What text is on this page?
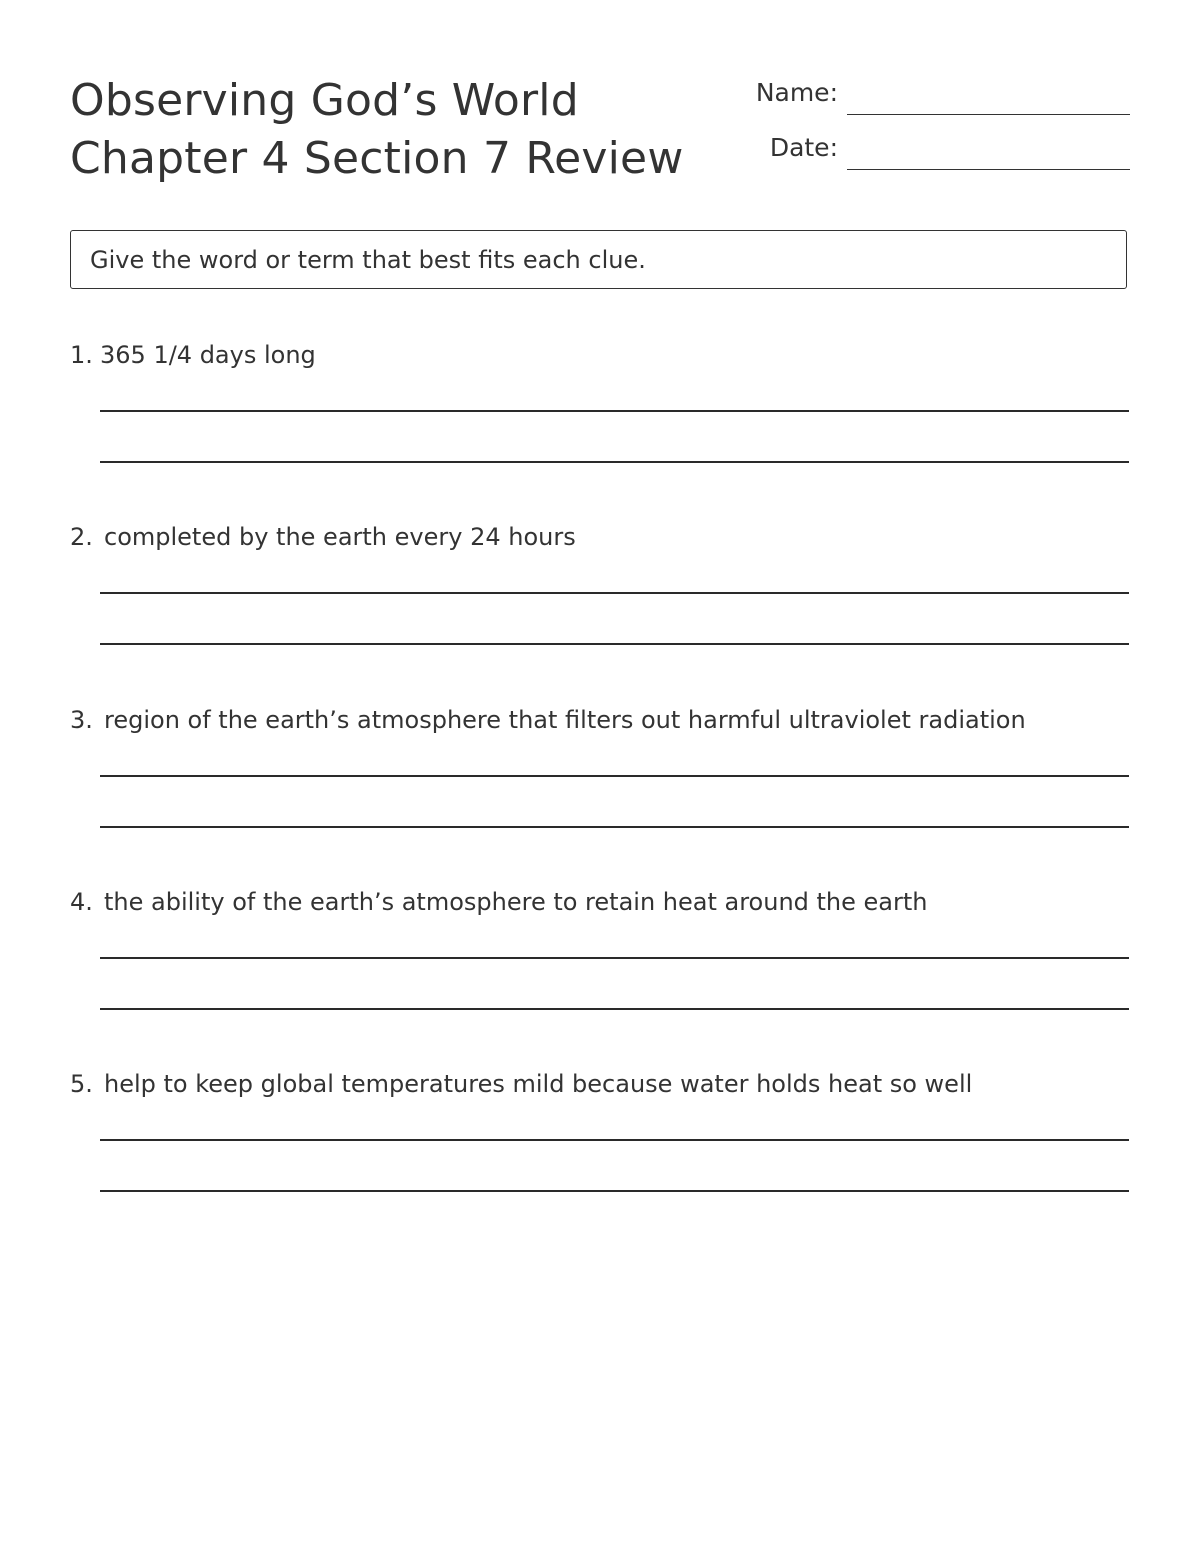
Observing God’s World
Chapter 4 Section 7 Review
Name:
Date:
Give the word or term that best fits each clue.
1. 365 1/4 days long
2. completed by the earth every 24 hours
3. region of the earth’s atmosphere that filters out harmful ultraviolet radiation
4. the ability of the earth’s atmosphere to retain heat around the earth
5. help to keep global temperatures mild because water holds heat so well
